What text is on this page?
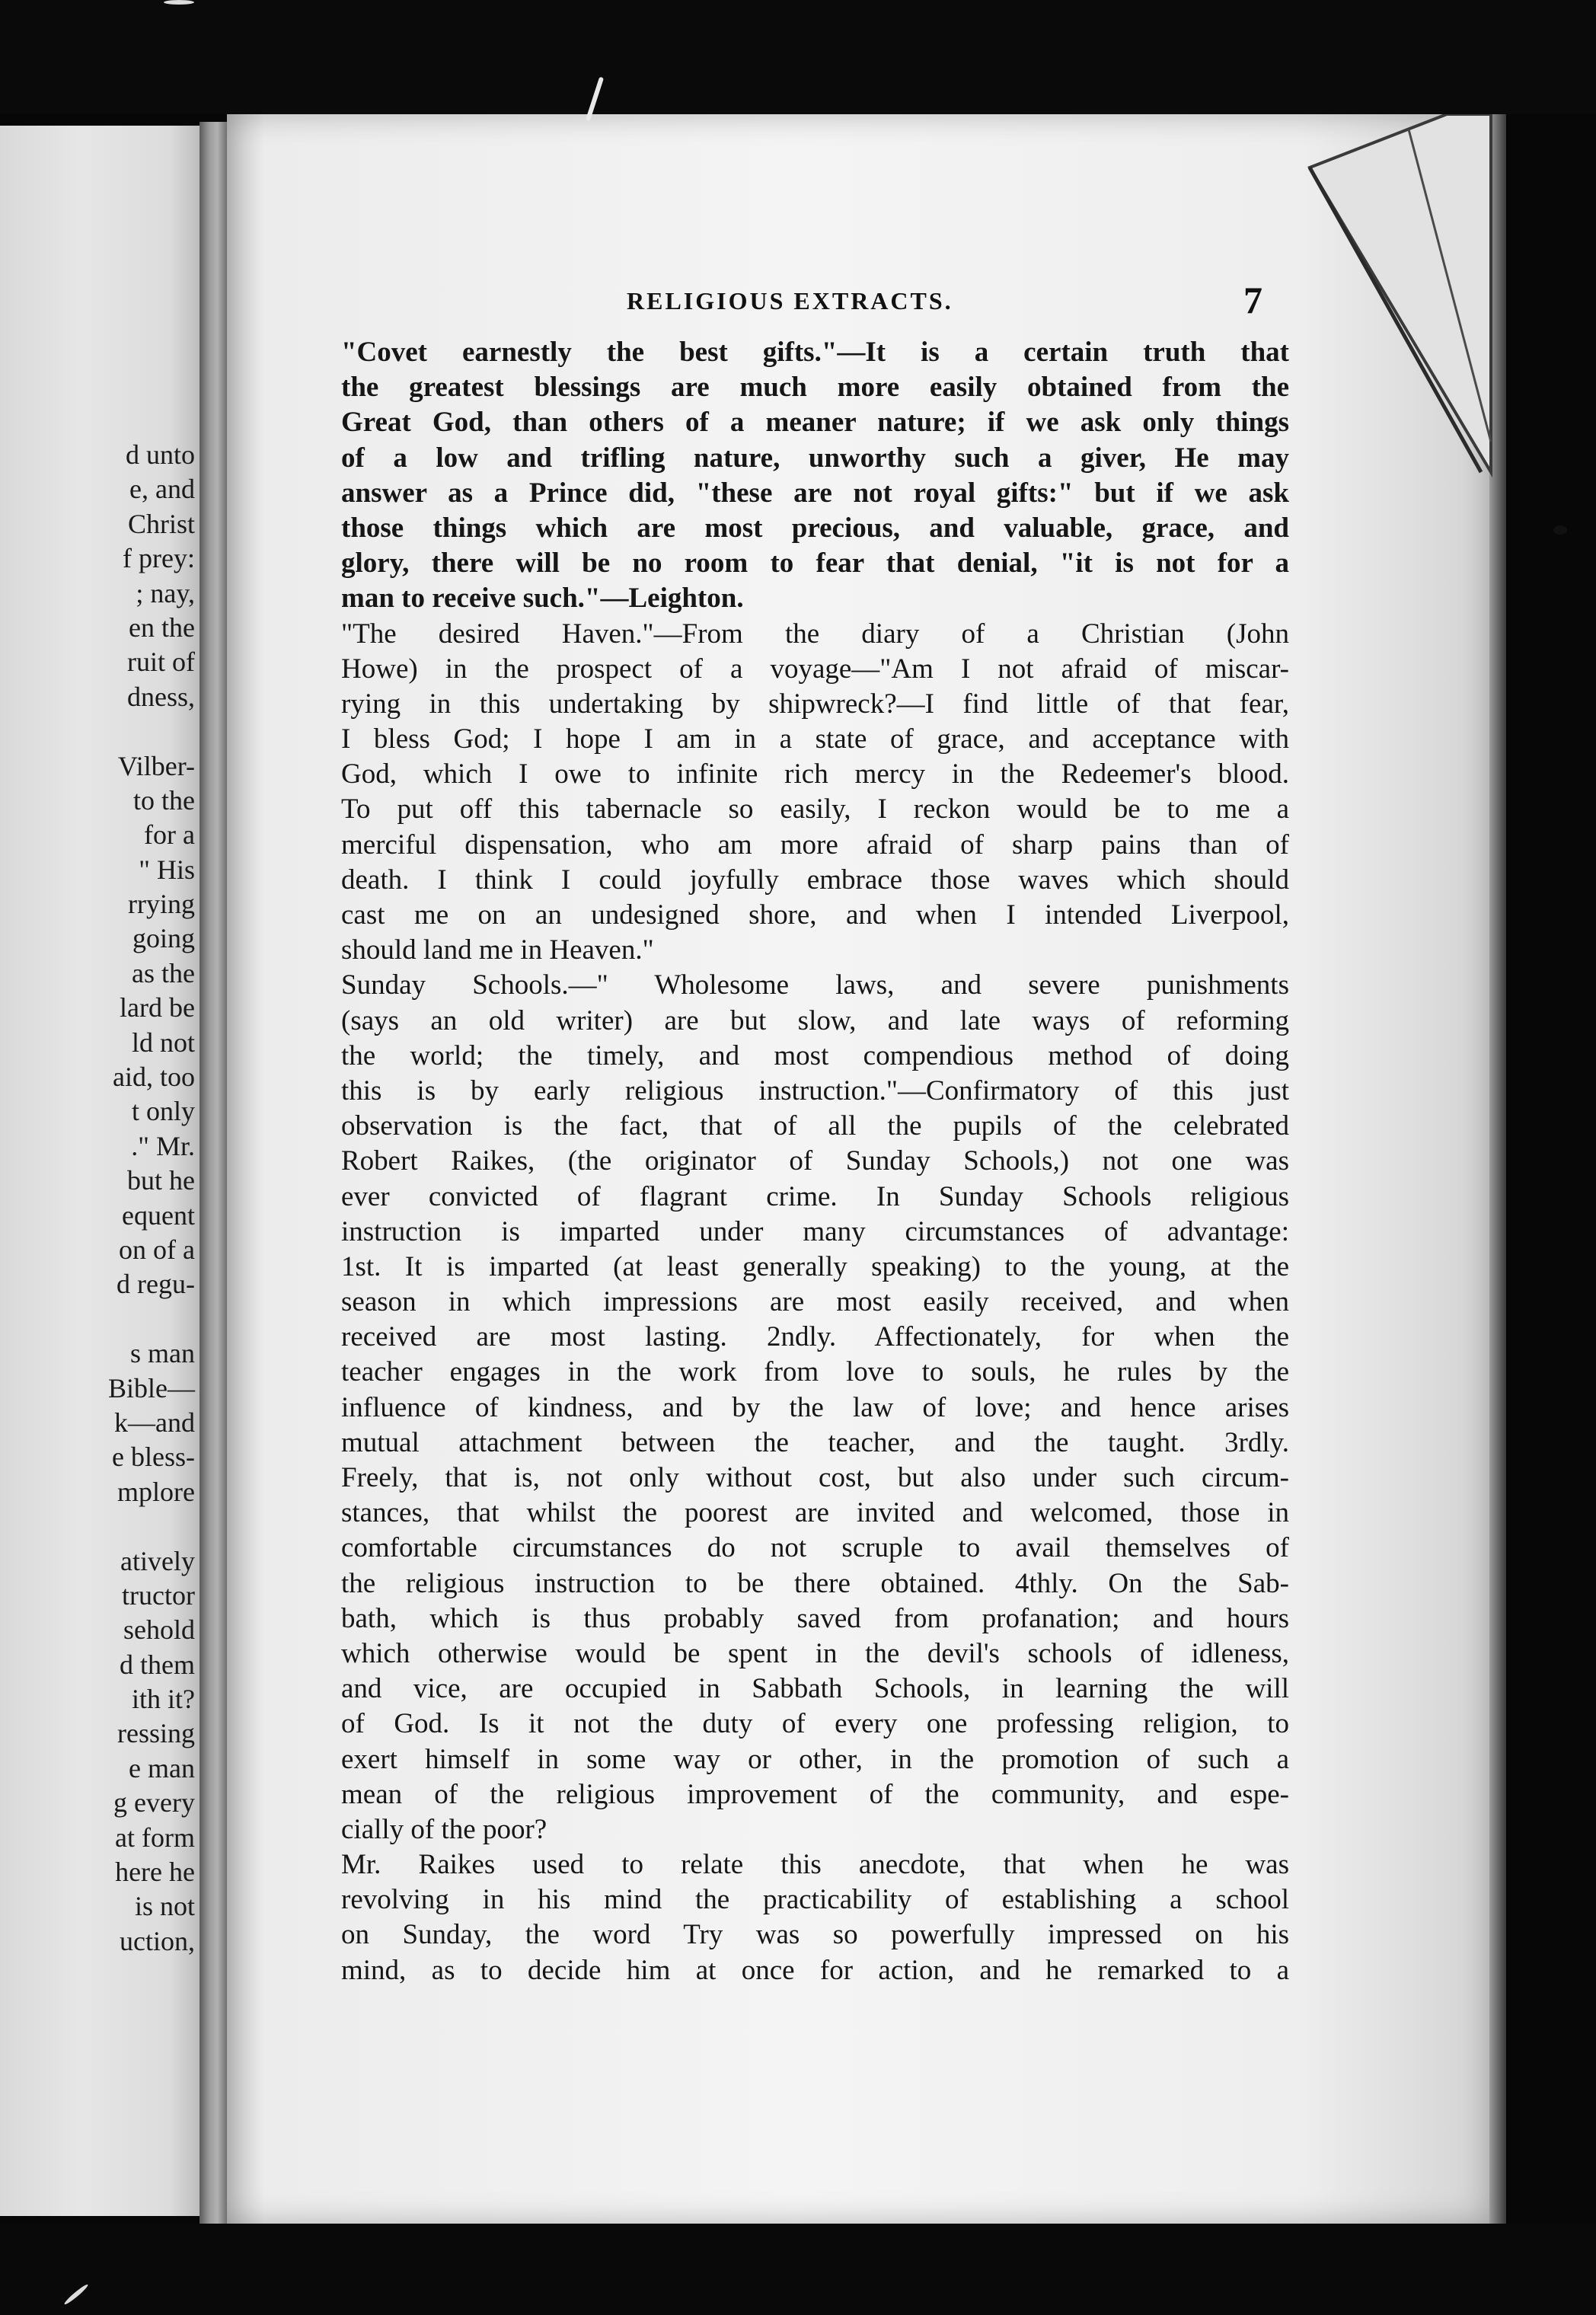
d unto
e, and
Christ
f prey:
; nay,
en the
ruit of
dness,
Vilber-
to the
for a
" His
rrying
going
as the
lard be
ld not
aid, too
t only
." Mr.
but he
equent
on of a
d regu-
s man
Bible—
k—and
e bless-
mplore
atively
tructor
sehold
d them
ith it?
ressing
e man
g every
at form
here he
is not
uction,
RELIGIOUS EXTRACTS.	7
"Covet earnestly the best gifts."—It is a certain truth that
the greatest blessings are much more easily obtained from the
Great God, than others of a meaner nature; if we ask only things
of a low and trifling nature, unworthy such a giver, He may
answer as a Prince did, "these are not royal gifts:" but if we ask
those things which are most precious, and valuable, grace, and
glory, there will be no room to fear that denial, "it is not for a
man to receive such."—Leighton.
"The desired Haven."—From the diary of a Christian (John
Howe) in the prospect of a voyage—"Am I not afraid of miscar-
rying in this undertaking by shipwreck?—I find little of that fear,
I bless God; I hope I am in a state of grace, and acceptance with
God, which I owe to infinite rich mercy in the Redeemer's blood.
To put off this tabernacle so easily, I reckon would be to me a
merciful dispensation, who am more afraid of sharp pains than of
death. I think I could joyfully embrace those waves which should
cast me on an undesigned shore, and when I intended Liverpool,
should land me in Heaven."
Sunday Schools.—" Wholesome laws, and severe punishments
(says an old writer) are but slow, and late ways of reforming
the world; the timely, and most compendious method of doing
this is by early religious instruction."—Confirmatory of this just
observation is the fact, that of all the pupils of the celebrated
Robert Raikes, (the originator of Sunday Schools,) not one was
ever convicted of flagrant crime. In Sunday Schools religious
instruction is imparted under many circumstances of advantage:
1st. It is imparted (at least generally speaking) to the young, at the
season in which impressions are most easily received, and when
received are most lasting. 2ndly. Affectionately, for when the
teacher engages in the work from love to souls, he rules by the
influence of kindness, and by the law of love; and hence arises
mutual attachment between the teacher, and the taught. 3rdly.
Freely, that is, not only without cost, but also under such circum-
stances, that whilst the poorest are invited and welcomed, those in
comfortable circumstances do not scruple to avail themselves of
the religious instruction to be there obtained. 4thly. On the Sab-
bath, which is thus probably saved from profanation; and hours
which otherwise would be spent in the devil's schools of idleness,
and vice, are occupied in Sabbath Schools, in learning the will
of God. Is it not the duty of every one professing religion, to
exert himself in some way or other, in the promotion of such a
mean of the religious improvement of the community, and espe-
cially of the poor?
Mr. Raikes used to relate this anecdote, that when he was
revolving in his mind the practicability of establishing a school
on Sunday, the word Try was so powerfully impressed on his
mind, as to decide him at once for action, and he remarked to a
